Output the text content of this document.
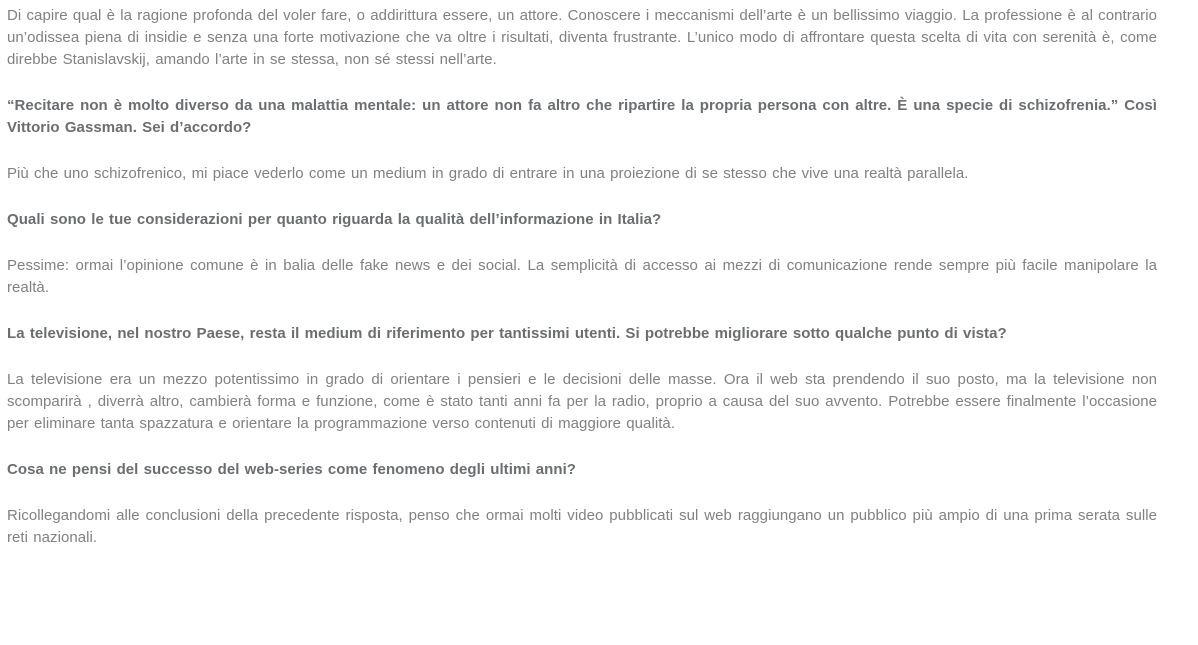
Di capire qual è la ragione profonda del voler fare, o addirittura essere, un attore. Conoscere i meccanismi dell’arte è un bellissimo viaggio. La professione è al contrario un’odissea piena di insidie e senza una forte motivazione che va oltre i risultati, diventa frustrante. L’unico modo di affrontare questa scelta di vita con serenità è, come direbbe Stanislavskij, amando l’arte in se stessa, non sé stessi nell’arte.

“Recitare non è molto diverso da una malattia mentale: un attore non fa altro che ripartire la propria persona con altre. È una specie di schizofrenia.” Così Vittorio Gassman. Sei d’accordo?

Più che uno schizofrenico, mi piace vederlo come un medium in grado di entrare in una proiezione di se stesso che vive una realtà parallela.

Quali sono le tue considerazioni per quanto riguarda la qualità dell’informazione in Italia?

Pessime: ormai l’opinione comune è in balia delle fake news e dei social. La semplicità di accesso ai mezzi di comunicazione rende sempre più facile manipolare la realtà.

La televisione, nel nostro Paese, resta il medium di riferimento per tantissimi utenti. Si potrebbe migliorare sotto qualche punto di vista?

La televisione era un mezzo potentissimo in grado di orientare i pensieri e le decisioni delle masse. Ora il web sta prendendo il suo posto, ma la televisione non scomparirà , diverrà altro, cambierà forma e funzione, come è stato tanti anni fa per la radio, proprio a causa del suo avvento. Potrebbe essere finalmente l’occasione per eliminare tanta spazzatura e orientare la programmazione verso contenuti di maggiore qualità.

Cosa ne pensi del successo del web-series come fenomeno degli ultimi anni?

Ricollegandomi alle conclusioni della precedente risposta, penso che ormai molti video pubblicati sul web raggiungano un pubblico più ampio di una prima serata sulle reti nazionali.
